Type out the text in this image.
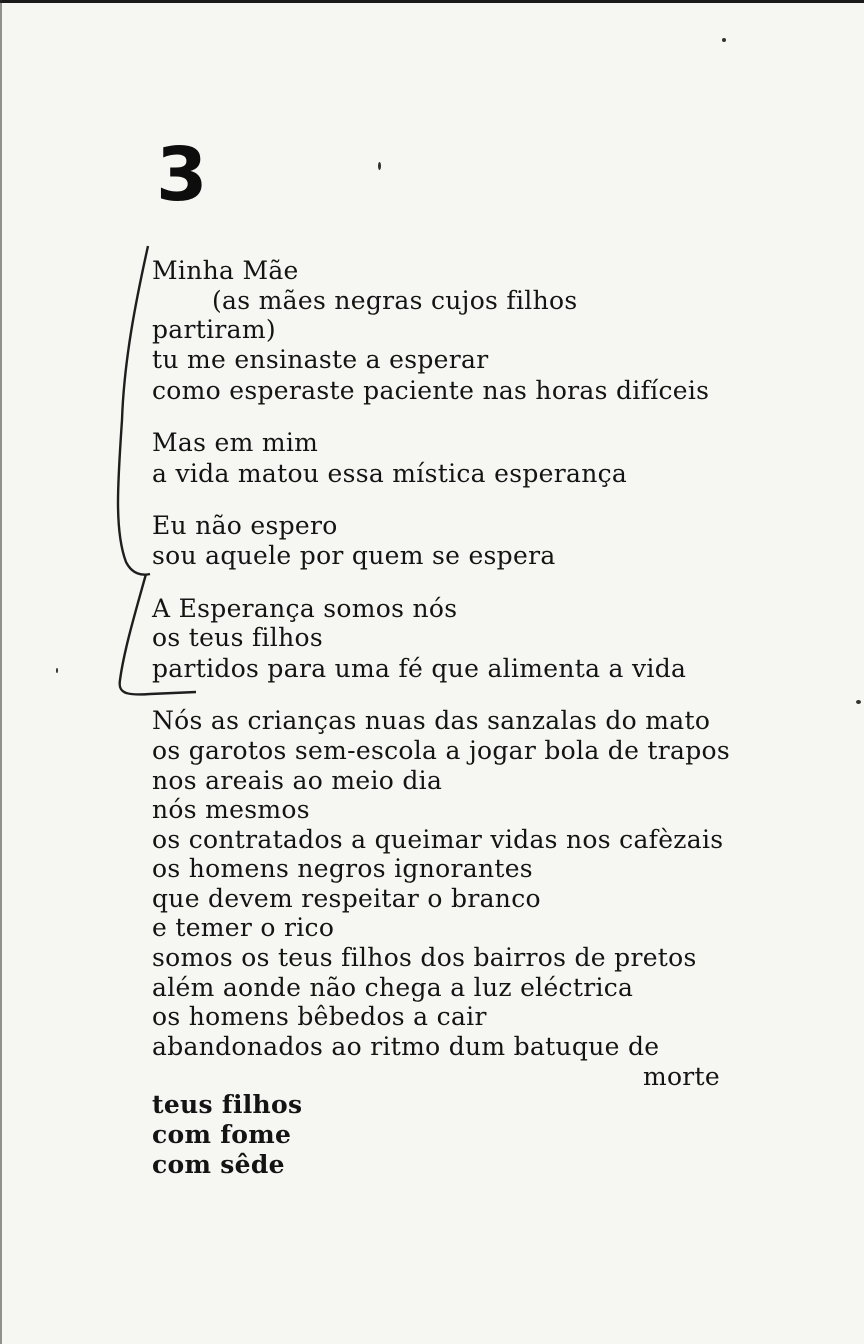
3
Minha Mãe
(as mães negras cujos filhos
partiram)
tu me ensinaste a esperar
como esperaste paciente nas horas difíceis
Mas em mim
a vida matou essa mística esperança
Eu não espero
sou aquele por quem se espera
A Esperança somos nós
os teus filhos
partidos para uma fé que alimenta a vida
Nós as crianças nuas das sanzalas do mato
os garotos sem-escola a jogar bola de trapos
nos areais ao meio dia
nós mesmos
os contratados a queimar vidas nos cafèzais
os homens negros ignorantes
que devem respeitar o branco
e temer o rico
somos os teus filhos dos bairros de pretos
além aonde não chega a luz eléctrica
os homens bêbedos a cair
abandonados ao ritmo dum batuque de
morte
teus filhos
com fome
com sêde
